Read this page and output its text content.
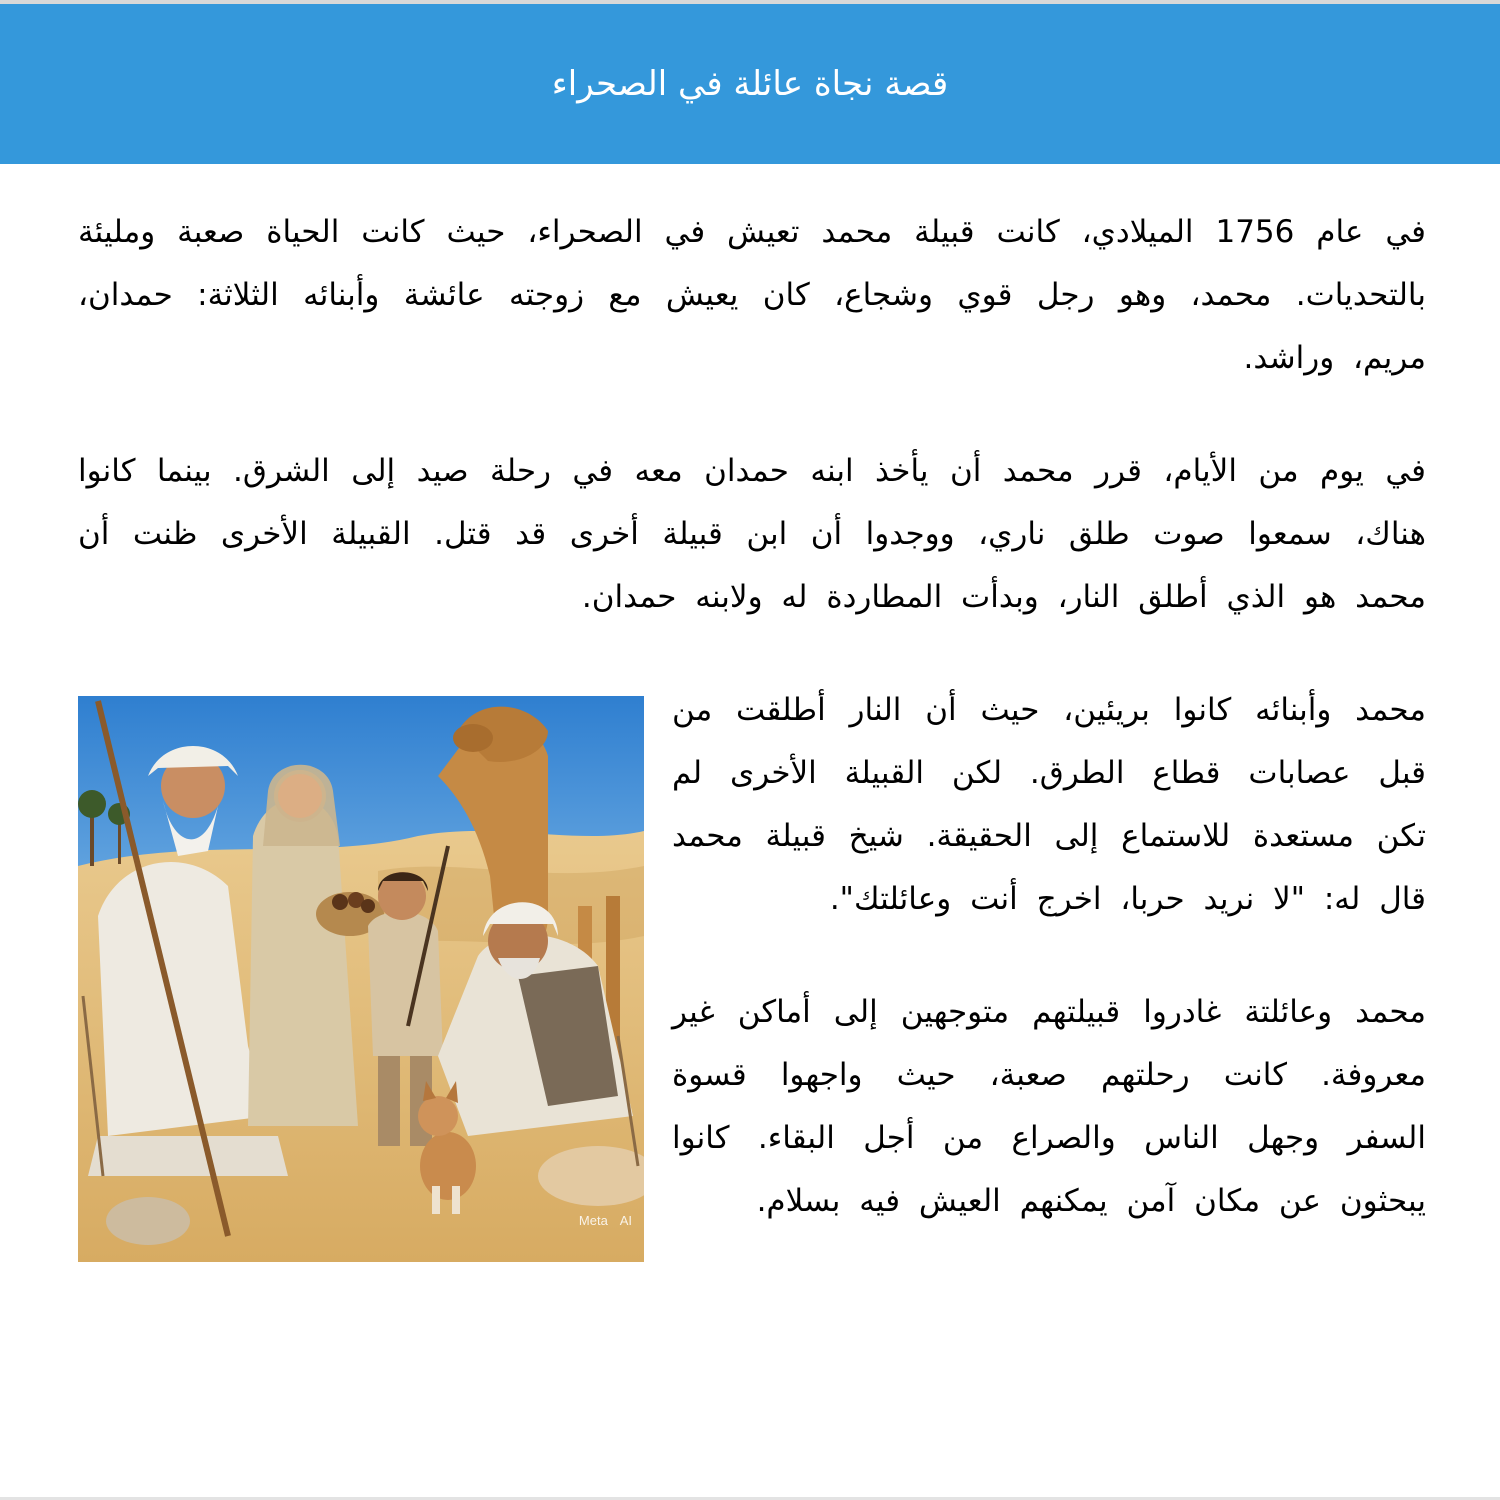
قصة نجاة عائلة في الصحراء

في عام 1756 الميلادي، كانت قبيلة محمد تعيش في الصحراء، حيث كانت الحياة صعبة ومليئة بالتحديات. محمد، وهو رجل قوي وشجاع، كان يعيش مع زوجته عائشة وأبنائه الثلاثة: حمدان، مريم، وراشد.

في يوم من الأيام، قرر محمد أن يأخذ ابنه حمدان معه في رحلة صيد إلى الشرق. بينما كانوا هناك، سمعوا صوت طلق ناري، ووجدوا أن ابن قبيلة أخرى قد قتل. القبيلة الأخرى ظنت أن محمد هو الذي أطلق النار، وبدأت المطاردة له ولابنه حمدان.

Meta AI

محمد وأبنائه كانوا بريئين، حيث أن النار أطلقت من قبل عصابات قطاع الطرق. لكن القبيلة الأخرى لم تكن مستعدة للاستماع إلى الحقيقة. شيخ قبيلة محمد قال له: "لا نريد حربا، اخرج أنت وعائلتك".

محمد وعائلتة غادروا قبيلتهم متوجهين إلى أماكن غير معروفة. كانت رحلتهم صعبة، حيث واجهوا قسوة السفر وجهل الناس والصراع من أجل البقاء. كانوا يبحثون عن مكان آمن يمكنهم العيش فيه بسلام.
